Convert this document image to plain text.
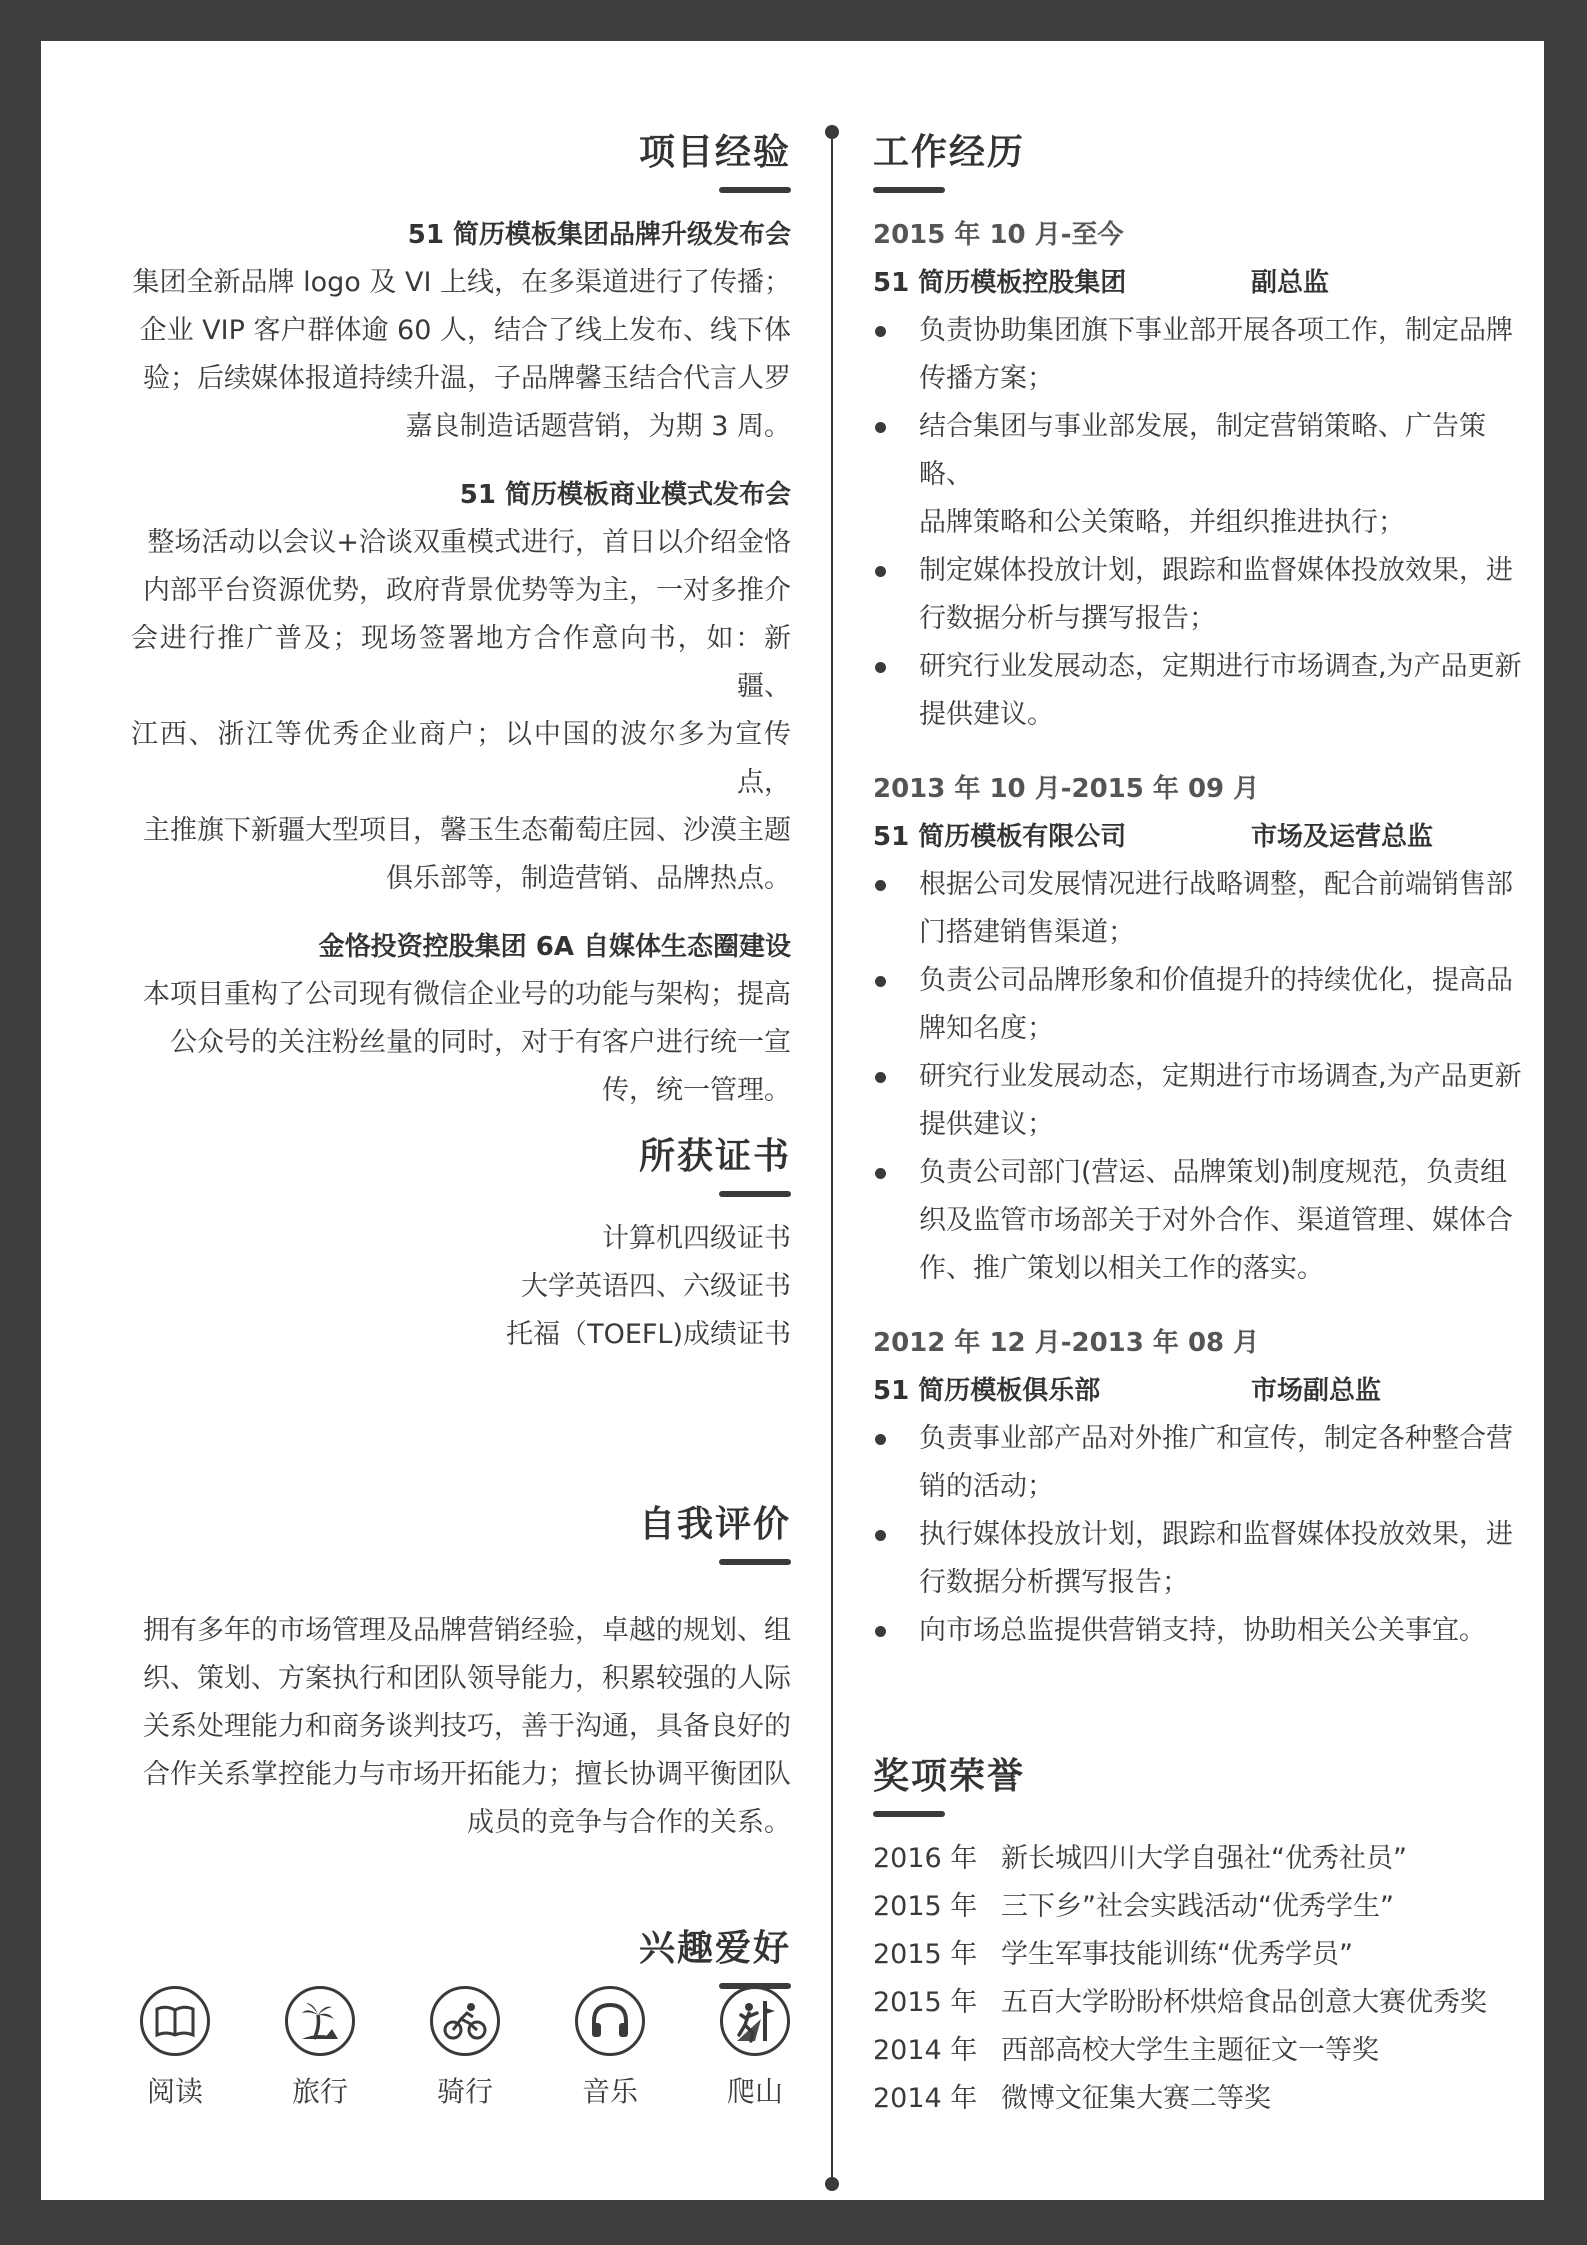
项目经验
51 简历模板集团品牌升级发布会
集团全新品牌 logo 及 VI 上线，在多渠道进行了传播；
企业 VIP 客户群体逾 60 人，结合了线上发布、线下体
验；后续媒体报道持续升温，子品牌馨玉结合代言人罗
嘉良制造话题营销，为期 3 周。
51 简历模板商业模式发布会
整场活动以会议+洽谈双重模式进行，首日以介绍金恪
内部平台资源优势，政府背景优势等为主，一对多推介
会进行推广普及；现场签署地方合作意向书，如：新疆、
江西、浙江等优秀企业商户；以中国的波尔多为宣传点，
主推旗下新疆大型项目，馨玉生态葡萄庄园、沙漠主题
俱乐部等，制造营销、品牌热点。
金恪投资控股集团 6A 自媒体生态圈建设
本项目重构了公司现有微信企业号的功能与架构；提高
公众号的关注粉丝量的同时，对于有客户进行统一宣
传，统一管理。
所获证书
计算机四级证书
大学英语四、六级证书
托福（TOEFL)成绩证书
自我评价
拥有多年的市场管理及品牌营销经验，卓越的规划、组
织、策划、方案执行和团队领导能力，积累较强的人际
关系处理能力和商务谈判技巧，善于沟通，具备良好的
合作关系掌控能力与市场开拓能力；擅长协调平衡团队
成员的竞争与合作的关系。
兴趣爱好
阅读	旅行	骑行	音乐	爬山
工作经历
2015 年 10 月-至今
51 简历模板控股集团	副总监
负责协助集团旗下事业部开展各项工作，制定品牌
传播方案；
结合集团与事业部发展，制定营销策略、广告策略、
品牌策略和公关策略，并组织推进执行；
制定媒体投放计划，跟踪和监督媒体投放效果，进
行数据分析与撰写报告；
研究行业发展动态，定期进行市场调查,为产品更新
提供建议。
2013 年 10 月-2015 年 09 月
51 简历模板有限公司	市场及运营总监
根据公司发展情况进行战略调整，配合前端销售部
门搭建销售渠道；
负责公司品牌形象和价值提升的持续优化，提高品
牌知名度；
研究行业发展动态，定期进行市场调查,为产品更新
提供建议；
负责公司部门(营运、品牌策划)制度规范，负责组
织及监管市场部关于对外合作、渠道管理、媒体合
作、推广策划以相关工作的落实。
2012 年 12 月-2013 年 08 月
51 简历模板俱乐部	市场副总监
负责事业部产品对外推广和宣传，制定各种整合营
销的活动；
执行媒体投放计划，跟踪和监督媒体投放效果，进
行数据分析撰写报告；
向市场总监提供营销支持，协助相关公关事宜。
奖项荣誉
2016 年 新长城四川大学自强社“优秀社员”
2015 年 三下乡”社会实践活动“优秀学生”
2015 年 学生军事技能训练“优秀学员”
2015 年 五百大学盼盼杯烘焙食品创意大赛优秀奖
2014 年 西部高校大学生主题征文一等奖
2014 年 微博文征集大赛二等奖
